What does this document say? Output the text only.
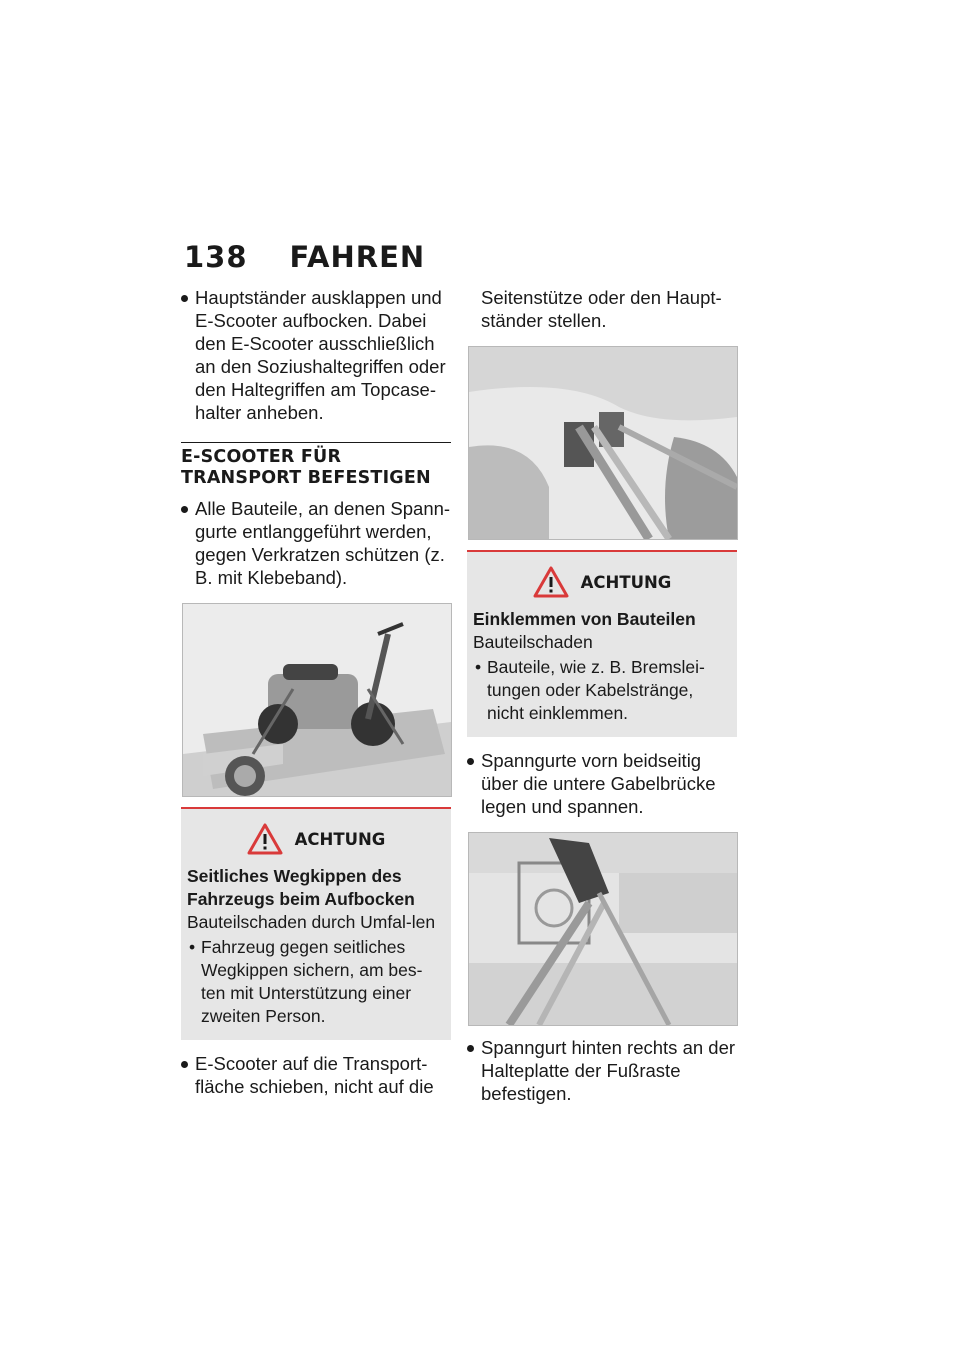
138 FAHREN
Hauptständer ausklappen und E-Scooter aufbocken. Dabei den E-Scooter ausschließlich an den Soziushaltegriffen oder den Haltegriffen am Topcase-halter anheben.
E-SCOOTER FÜR TRANSPORT BEFESTIGEN
Alle Bauteile, an denen Spann-gurte entlanggeführt werden, gegen Verkratzen schützen (z. B. mit Klebeband).
ACHTUNG
Seitliches Wegkippen des Fahrzeugs beim Aufbocken
Bauteilschaden durch Umfal-len
• Fahrzeug gegen seitliches Wegkippen sichern, am bes-ten mit Unterstützung einer zweiten Person.
E-Scooter auf die Transport-fläche schieben, nicht auf die
Seitenstütze oder den Haupt-ständer stellen.
ACHTUNG
Einklemmen von Bauteilen
Bauteilschaden
• Bauteile, wie z. B. Bremslei-tungen oder Kabelstränge, nicht einklemmen.
Spanngurte vorn beidseitig über die untere Gabelbrücke legen und spannen.
Spanngurt hinten rechts an der Halteplatte der Fußraste befestigen.
